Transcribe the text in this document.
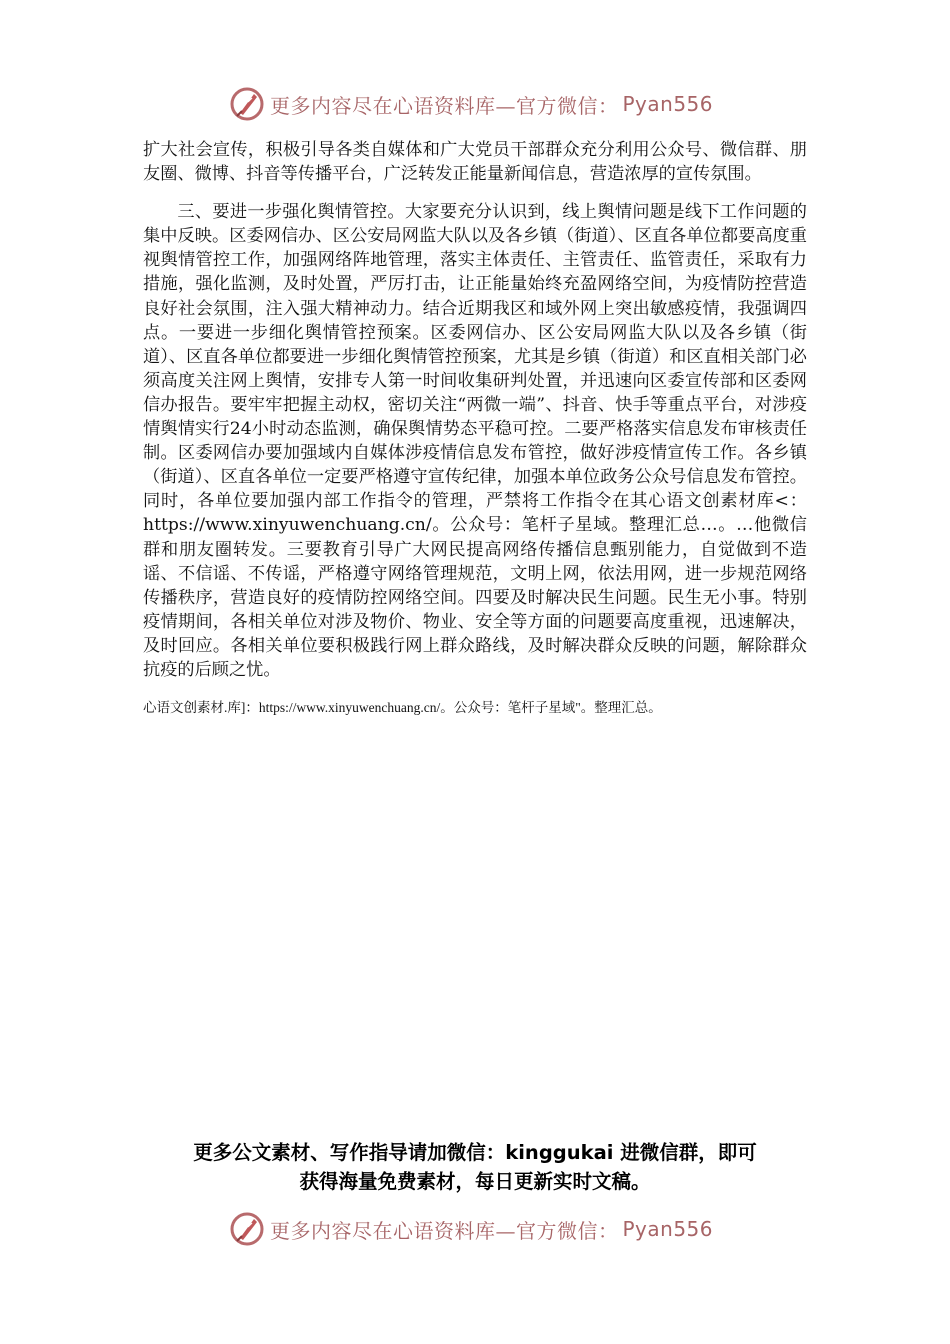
更多内容尽在心语资料库—官方微信： Pyan556

扩大社会宣传，积极引导各类自媒体和广大党员干部群众充分利用公众号、微信群、朋友圈、微博、抖音等传播平台，广泛转发正能量新闻信息，营造浓厚的宣传氛围。

三、要进一步强化舆情管控。大家要充分认识到，线上舆情问题是线下工作问题的集中反映。区委网信办、区公安局网监大队以及各乡镇（街道）、区直各单位都要高度重视舆情管控工作，加强网络阵地管理，落实主体责任、主管责任、监管责任，采取有力措施，强化监测，及时处置，严厉打击，让正能量始终充盈网络空间，为疫情防控营造良好社会氛围，注入强大精神动力。结合近期我区和域外网上突出敏感疫情，我强调四点。一要进一步细化舆情管控预案。区委网信办、区公安局网监大队以及各乡镇（街道）、区直各单位都要进一步细化舆情管控预案，尤其是乡镇（街道）和区直相关部门必须高度关注网上舆情，安排专人第一时间收集研判处置，并迅速向区委宣传部和区委网信办报告。要牢牢把握主动权，密切关注“两微一端”、抖音、快手等重点平台，对涉疫情舆情实行24小时动态监测，确保舆情势态平稳可控。二要严格落实信息发布审核责任制。区委网信办要加强域内自媒体涉疫情信息发布管控，做好涉疫情宣传工作。各乡镇（街道）、区直各单位一定要严格遵守宣传纪律，加强本单位政务公众号信息发布管控。同时，各单位要加强内部工作指令的管理，严禁将工作指令在其心语文创素材库<：https://www.xinyuwenchuang.cn/。公众号：笔杆子星域。整理汇总…。…他微信群和朋友圈转发。三要教育引导广大网民提高网络传播信息甄别能力，自觉做到不造谣、不信谣、不传谣，严格遵守网络管理规范，文明上网，依法用网，进一步规范网络传播秩序，营造良好的疫情防控网络空间。四要及时解决民生问题。民生无小事。特别疫情期间，各相关单位对涉及物价、物业、安全等方面的问题要高度重视，迅速解决，及时回应。各相关单位要积极践行网上群众路线，及时解决群众反映的问题，解除群众抗疫的后顾之忧。

心语文创素材.库]：https://www.xinyuwenchuang.cn/。公众号：笔杆子星域"。整理汇总。

更多公文素材、写作指导请加微信：kinggukai 进微信群，即可
获得海量免费素材，每日更新实时文稿。
更多内容尽在心语资料库—官方微信： Pyan556
